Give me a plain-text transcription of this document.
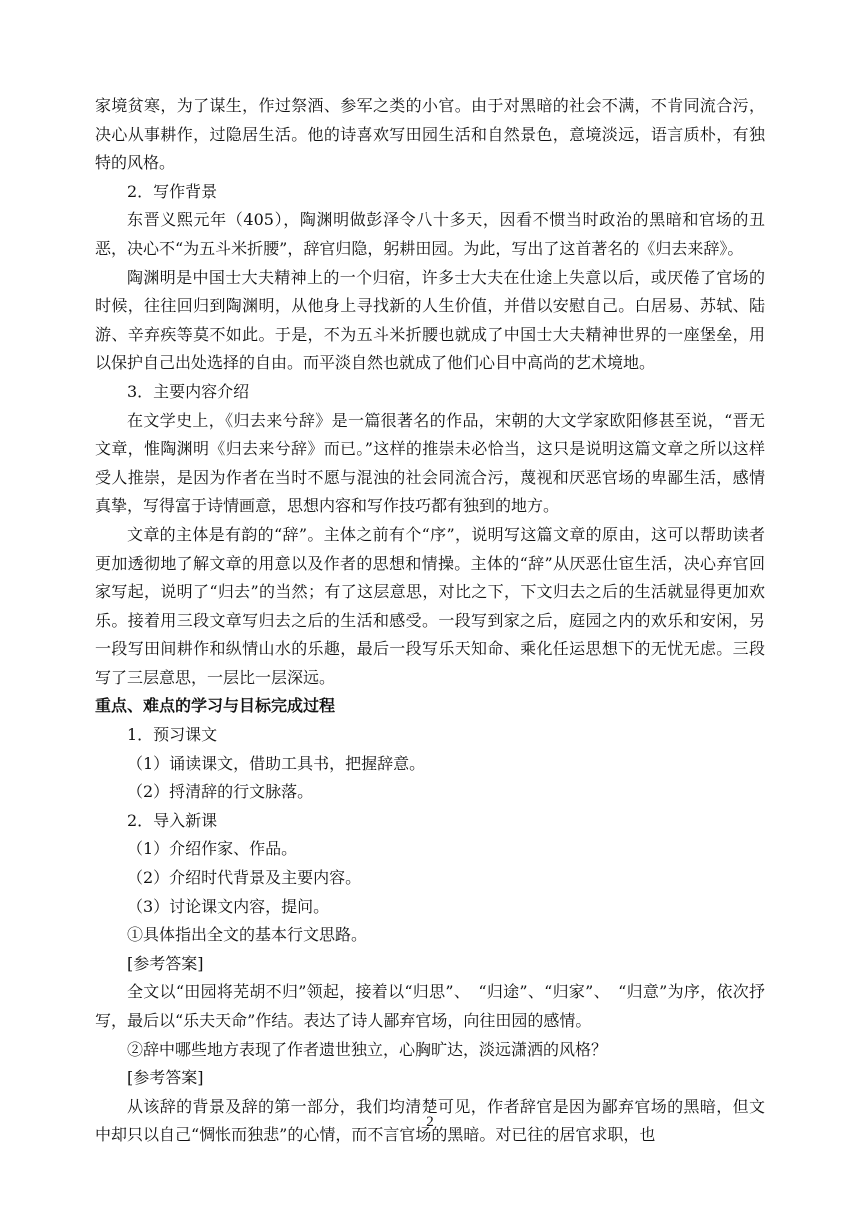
家境贫寒，为了谋生，作过祭酒、参军之类的小官。由于对黑暗的社会不满，不肯同流合污，决心从事耕作，过隐居生活。他的诗喜欢写田园生活和自然景色，意境淡远，语言质朴，有独特的风格。

2．写作背景

东晋义熙元年（405），陶渊明做彭泽令八十多天，因看不惯当时政治的黑暗和官场的丑恶，决心不“为五斗米折腰”，辞官归隐，躬耕田园。为此，写出了这首著名的《归去来辞》。

陶渊明是中国士大夫精神上的一个归宿，许多士大夫在仕途上失意以后，或厌倦了官场的时候，往往回归到陶渊明，从他身上寻找新的人生价值，并借以安慰自己。白居易、苏轼、陆游、辛弃疾等莫不如此。于是，不为五斗米折腰也就成了中国士大夫精神世界的一座堡垒，用以保护自己出处选择的自由。而平淡自然也就成了他们心目中高尚的艺术境地。

3．主要内容介绍

在文学史上，《归去来兮辞》是一篇很著名的作品，宋朝的大文学家欧阳修甚至说，“晋无文章，惟陶渊明《归去来兮辞》而已。”这样的推崇未必恰当，这只是说明这篇文章之所以这样受人推崇，是因为作者在当时不愿与混浊的社会同流合污，蔑视和厌恶官场的卑鄙生活，感情真挚，写得富于诗情画意，思想内容和写作技巧都有独到的地方。

文章的主体是有韵的“辞”。主体之前有个“序”，说明写这篇文章的原由，这可以帮助读者更加透彻地了解文章的用意以及作者的思想和情操。主体的“辞”从厌恶仕宦生活，决心弃官回家写起，说明了“归去”的当然；有了这层意思，对比之下，下文归去之后的生活就显得更加欢乐。接着用三段文章写归去之后的生活和感受。一段写到家之后，庭园之内的欢乐和安闲，另一段写田间耕作和纵情山水的乐趣，最后一段写乐天知命、乘化任运思想下的无忧无虑。三段写了三层意思，一层比一层深远。

重点、难点的学习与目标完成过程

1．预习课文

（1）诵读课文，借助工具书，把握辞意。

（2）捋清辞的行文脉落。

2．导入新课

（1）介绍作家、作品。

（2）介绍时代背景及主要内容。

（3）讨论课文内容，提问。

①具体指出全文的基本行文思路。

[参考答案]

全文以“田园将芜胡不归”领起，接着以“归思”、　“归途”、“归家”、　“归意”为序，依次抒写，最后以“乐夫天命”作结。表达了诗人鄙弃官场，向往田园的感情。

②辞中哪些地方表现了作者遗世独立，心胸旷达，淡远潇洒的风格？

[参考答案]

从该辞的背景及辞的第一部分，我们均清楚可见，作者辞官是因为鄙弃官场的黑暗，但文中却只以自己“惆怅而独悲”的心情，而不言官场的黑暗。对已往的居官求职，也

2
